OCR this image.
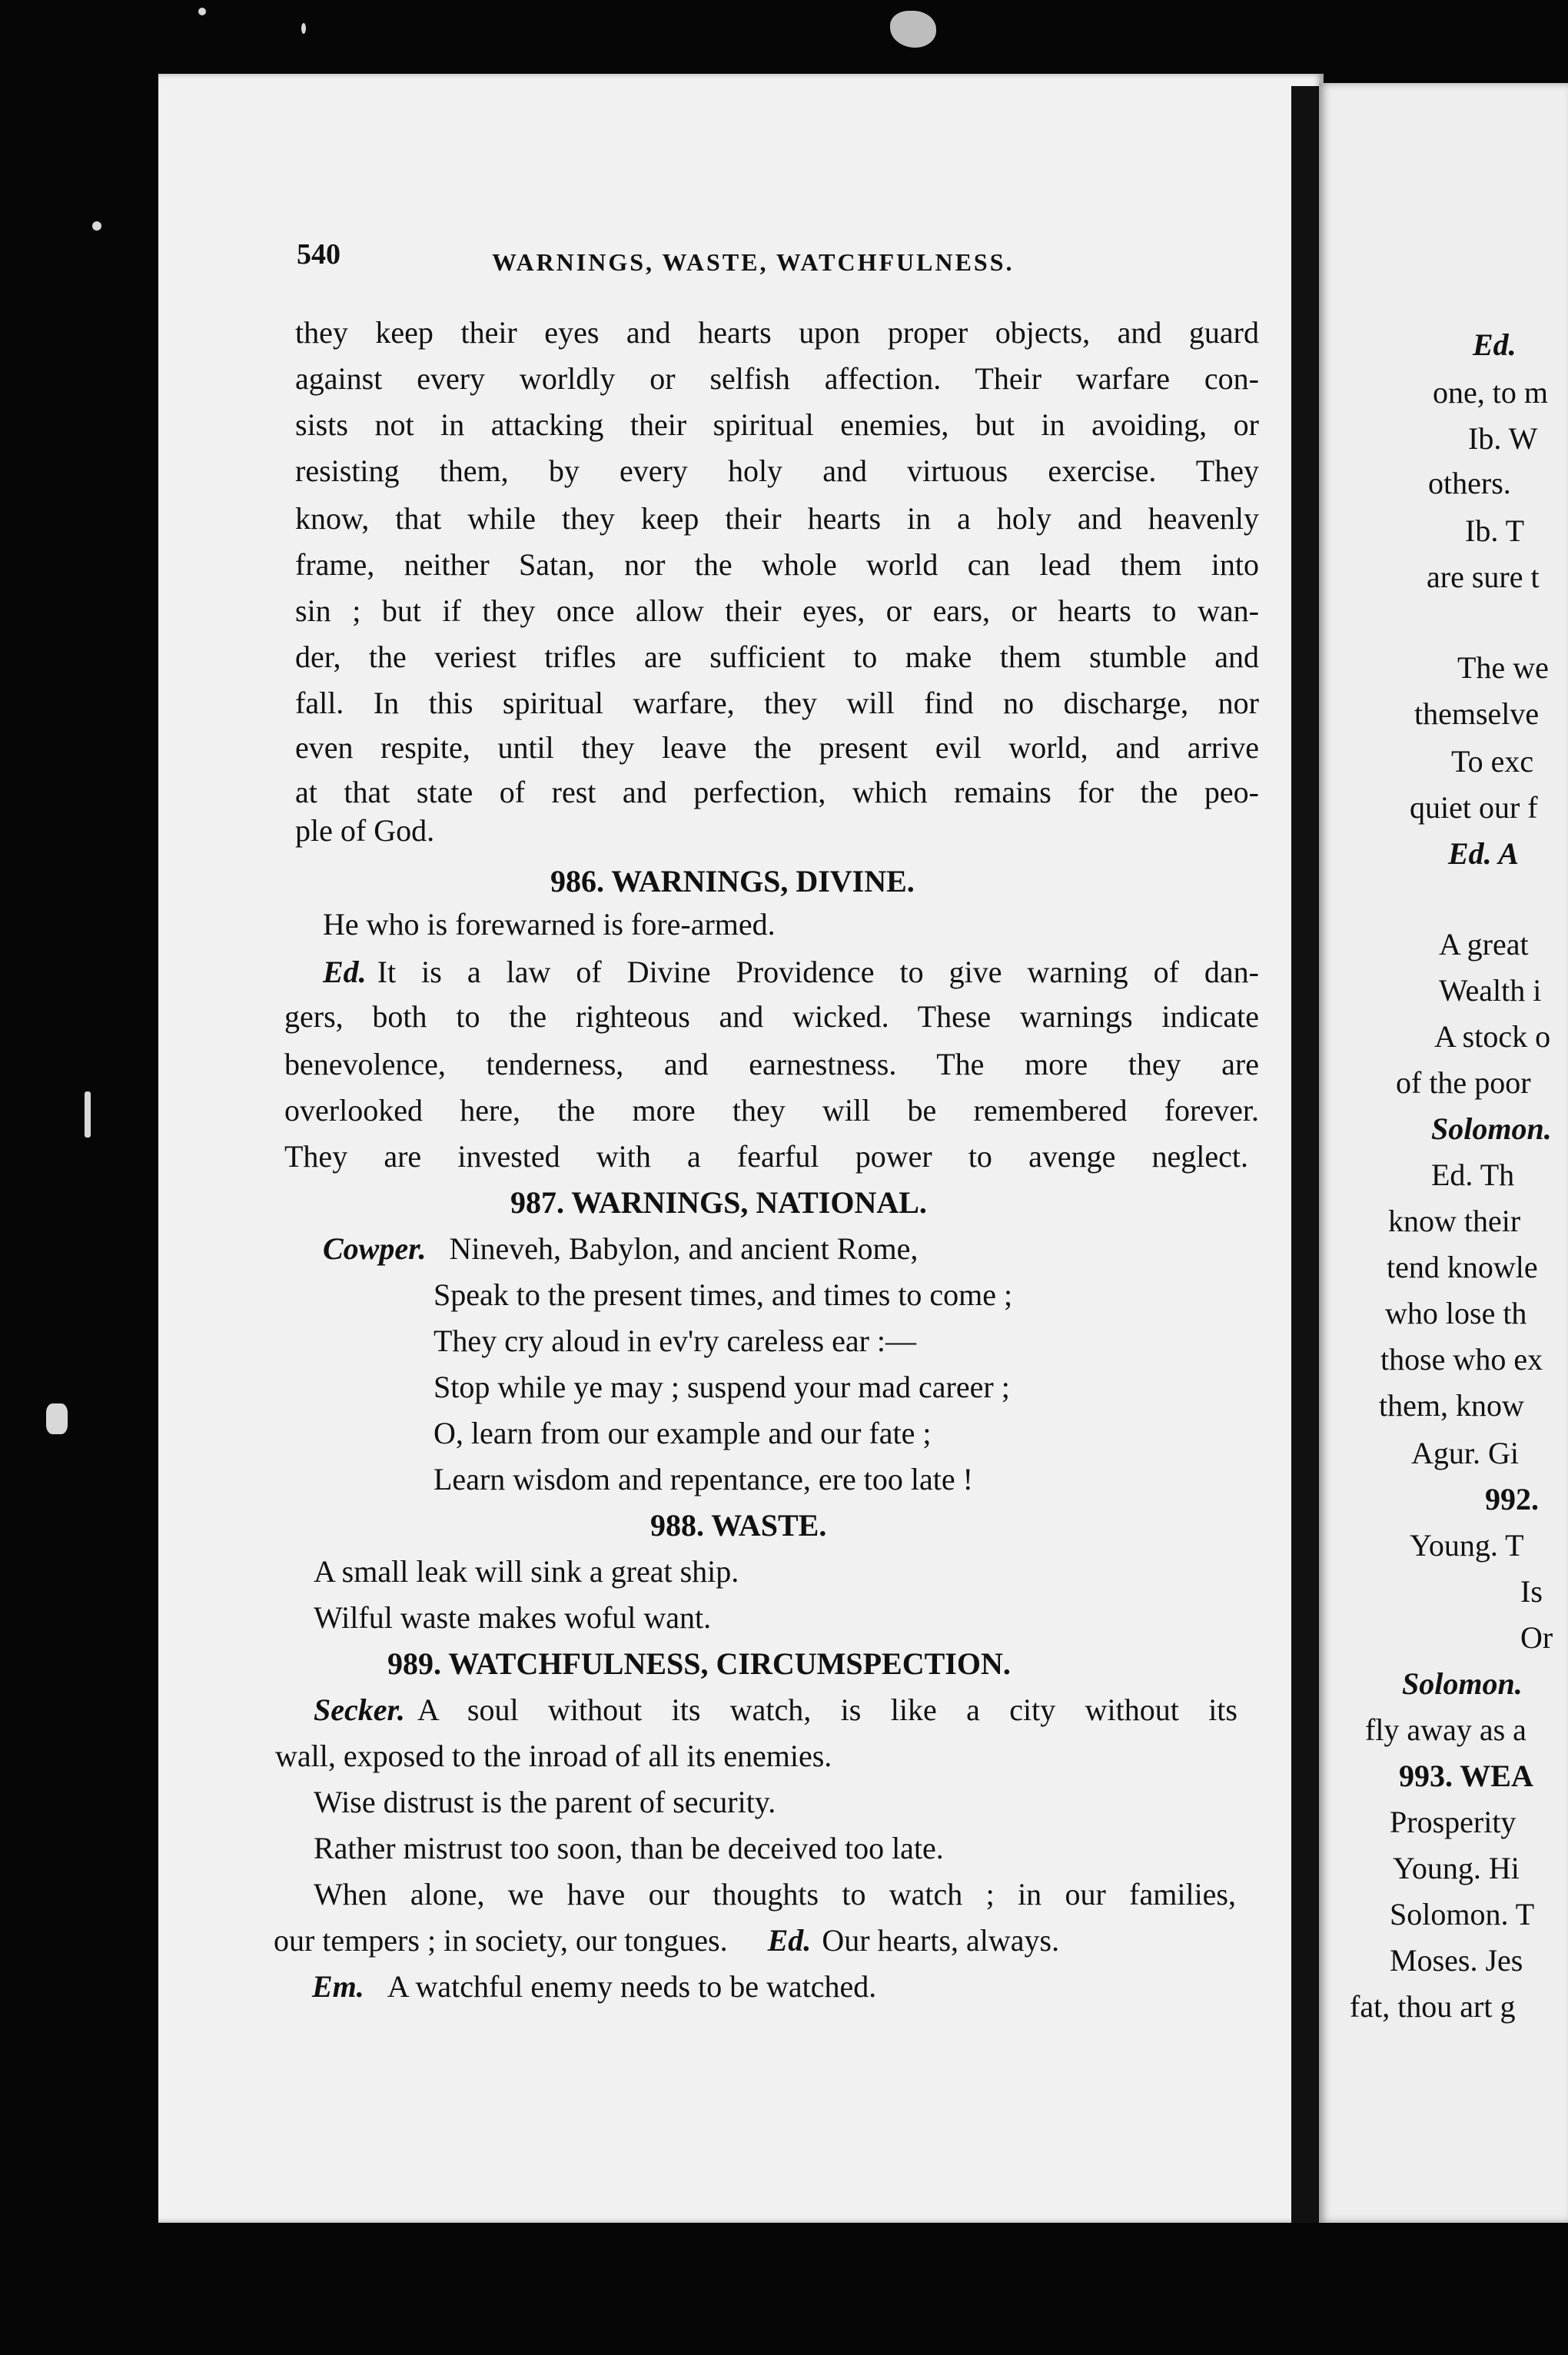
540	WARNINGS, WASTE, WATCHFULNESS.
they keep their eyes and hearts upon proper objects, and guard
against every worldly or selfish affection. Their warfare con-
sists not in attacking their spiritual enemies, but in avoiding, or
resisting them, by every holy and virtuous exercise. They
know, that while they keep their hearts in a holy and heavenly
frame, neither Satan, nor the whole world can lead them into
sin ; but if they once allow their eyes, or ears, or hearts to wan-
der, the veriest trifles are sufficient to make them stumble and
fall. In this spiritual warfare, they will find no discharge, nor
even respite, until they leave the present evil world, and arrive
at that state of rest and perfection, which remains for the peo-
ple of God.
986. WARNINGS, DIVINE.
He who is forewarned is fore-armed.
Ed. It is a law of Divine Providence to give warning of dan-
gers, both to the righteous and wicked. These warnings indicate
benevolence, tenderness, and earnestness. The more they are
overlooked here, the more they will be remembered forever.
They are invested with a fearful power to avenge neglect.
987. WARNINGS, NATIONAL.
Cowper. Nineveh, Babylon, and ancient Rome,
Speak to the present times, and times to come ;
They cry aloud in ev'ry careless ear :—
Stop while ye may ; suspend your mad career ;
O, learn from our example and our fate ;
Learn wisdom and repentance, ere too late !
988. WASTE.
A small leak will sink a great ship.
Wilful waste makes woful want.
989. WATCHFULNESS, CIRCUMSPECTION.
Secker. A soul without its watch, is like a city without its
wall, exposed to the inroad of all its enemies.
Wise distrust is the parent of security.
Rather mistrust too soon, than be deceived too late.
When alone, we have our thoughts to watch ; in our families,
our tempers ; in society, our tongues. Ed. Our hearts, always.
Em. A watchful enemy needs to be watched.
Ed.
one, to m
Ib. W
others.
Ib. T
are sure t
The we
themselve
To exc
quiet our f
Ed. A
A great
Wealth i
A stock o
of the poor
Solomon.
Ed. Th
know their
tend knowle
who lose th
those who ex
them, know
Agur. Gi
992.
Young. T
Is
Or
Solomon.
fly away as a
993. WEA
Prosperity
Young. Hi
Solomon. T
Moses. Jes
fat, thou art g
